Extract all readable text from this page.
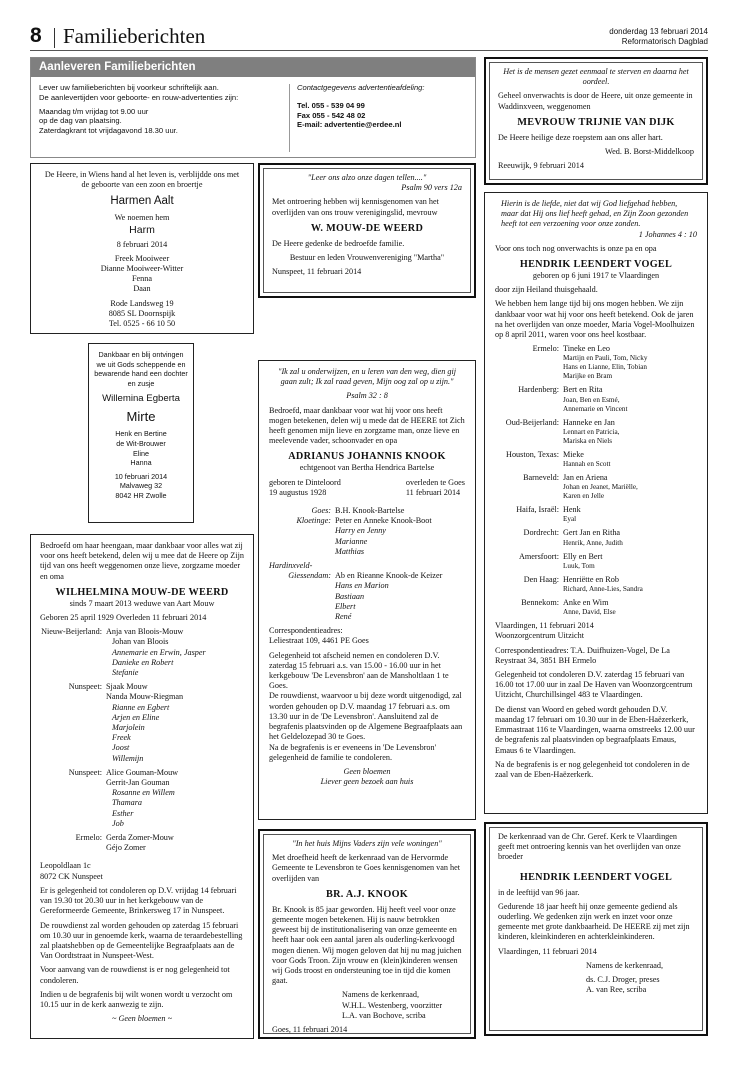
8 Familieberichten	donderdag 13 februari 2014
Reformatorisch Dagblad
Aanleveren Familieberichten
Lever uw familieberichten bij voorkeur schriftelijk aan.
De aanlevertijden voor geboorte- en rouw-advertenties zijn:
Maandag t/m vrijdag tot 9.00 uur
op de dag van plaatsing.
Zaterdagkrant tot vrijdagavond 18.30 uur.
Contactgegevens advertentieafdeling:
Tel. 055 - 539 04 99
Fax 055 - 542 48 02
E-mail: advertentie@erdee.nl
De Heere, in Wiens hand al het leven is, verblijdde ons met de geboorte van een zoon en broertje
Harmen Aalt
We noemen hem
Harm
8 februari 2014
Freek Mooiweer
Dianne Mooiweer-Witter
Fenna
Daan
Rode Landsweg 19
8085 SL Doornspijk
Tel. 0525 - 66 10 50
Dankbaar en blij ontvingen we uit Gods scheppende en bewarende hand een dochter en zusje
Willemina Egberta
Mirte
Henk en Bertine
de Wit-Brouwer
Eline
Hanna
10 februari 2014
Malvaweg 32
8042 HR Zwolle
Bedroefd om haar heengaan, maar dankbaar voor alles wat zij voor ons heeft betekend, delen wij u mee dat de Heere op Zijn tijd van ons heeft weggenomen onze lieve, zorgzame moeder en oma
WILHELMINA MOUW-DE WEERD
sinds 7 maart 2013 weduwe van Aart Mouw
Geboren 25 april 1929 Overleden 11 februari 2014
Nieuw-Beijerland: Anja van Bloois-Mouw
Johan van Bloois
Annemarie en Erwin, Jasper
Danieke en Robert
Stefanie
Nunspeet: Sjaak Mouw
Nanda Mouw-Riegman
Rianne en Egbert
Arjen en Eline
Marjolein
Freek
Joost
Willemijn
Nunspeet: Alice Gouman-Mouw
Gerrit-Jan Gouman
Rosanne en Willem
Thamara
Esther
Job
Ermelo: Gerda Zomer-Mouw
Géjo Zomer
Leopoldlaan 1c
8072 CK Nunspeet
Er is gelegenheid tot condoleren op D.V. vrijdag 14 februari van 19.30 tot 20.30 uur in het kerkgebouw van de Gereformeerde Gemeente, Brinkersweg 17 in Nunspeet.
De rouwdienst zal worden gehouden op zaterdag 15 februari om 10.30 uur in genoemde kerk, waarna de teraardebestelling zal plaatshebben op de Gemeentelijke Begraafplaats aan de Van Oordtstraat in Nunspeet-West.
Voor aanvang van de rouwdienst is er nog gelegenheid tot condoleren.
Indien u de begrafenis bij wilt wonen wordt u verzocht om 10.15 uur in de kerk aanwezig te zijn.
~ Geen bloemen ~
"Leer ons alzo onze dagen tellen...."
Psalm 90 vers 12a
Met ontroering hebben wij kennisgenomen van het overlijden van ons trouw verenigingslid, mevrouw
W. MOUW-DE WEERD
De Heere gedenke de bedroefde familie.
Bestuur en leden Vrouwenvereniging "Martha"
Nunspeet, 11 februari 2014
"Ik zal u onderwijzen, en u leren van den weg, dien gij gaan zult; Ik zal raad geven, Mijn oog zal op u zijn."
Psalm 32 : 8
Bedroefd, maar dankbaar voor wat hij voor ons heeft mogen betekenen, delen wij u mede dat de HEERE tot Zich heeft genomen mijn lieve en zorgzame man, onze lieve en meelevende vader, schoonvader en opa
ADRIANUS JOHANNIS KNOOK
echtgenoot van Bertha Hendrica Bartelse
geboren te Dinteloord
19 augustus 1928
overleden te Goes
11 februari 2014
Goes: B.H. Knook-Bartelse
Kloetinge: Peter en Anneke Knook-Boot
Harry en Jenny
Marianne
Matthias
Hardinxveld-
Giessendam: Ab en Rieanne Knook-de Keizer
Hans en Marion
Bastiaan
Elbert
René
Correspondentieadres:
Leliestraat 109, 4461 PE Goes
Gelegenheid tot afscheid nemen en condoleren D.V. zaterdag 15 februari a.s. van 15.00 - 16.00 uur in het kerkgebouw 'De Levensbron' aan de Mansholtlaan 1 te Goes.
De rouwdienst, waarvoor u bij deze wordt uitgenodigd, zal worden gehouden op D.V. maandag 17 februari a.s. om 13.30 uur in de 'De Levensbron'. Aansluitend zal de begrafenis plaatsvinden op de Algemene Begraafplaats aan het Geldelozepad 30 te Goes.
Na de begrafenis is er eveneens in 'De Levensbron' gelegenheid de familie te condoleren.
Geen bloemen
Liever geen bezoek aan huis
"In het huis Mijns Vaders zijn vele woningen"
Met droefheid heeft de kerkenraad van de Hervormde Gemeente te Levensbron te Goes kennisgenomen van het overlijden van
BR. A.J. KNOOK
Br. Knook is 85 jaar geworden. Hij heeft veel voor onze gemeente mogen betekenen. Hij is nauw betrokken geweest bij de institutionalisering van onze gemeente en heeft haar ook een aantal jaren als ouderling-kerkvoogd mogen dienen. Wij mogen geloven dat hij nu mag juichen voor Gods Troon. Zijn vrouw en (klein)kinderen wensen wij Gods troost en ondersteuning toe in tijd die komen gaat.
Namens de kerkenraad,
W.H.L. Westenberg, voorzitter
L.A. van Bochove, scriba
Goes, 11 februari 2014
Het is de mensen gezet eenmaal te sterven en daarna het oordeel.
Geheel onverwachts is door de Heere, uit onze gemeente in Waddinxveen, weggenomen
MEVROUW TRIJNIE VAN DIJK
De Heere heilige deze roepstem aan ons aller hart.
Wed. B. Borst-Middelkoop
Reeuwijk, 9 februari 2014
Hierin is de liefde, niet dat wij God liefgehad hebben, maar dat Hij ons lief heeft gehad, en Zijn Zoon gezonden heeft tot een verzoening voor onze zonden.
1 Johannes 4 : 10
Voor ons toch nog onverwachts is onze pa en opa
HENDRIK LEENDERT VOGEL
geboren op 6 juni 1917 te Vlaardingen
door zijn Heiland thuisgehaald.
We hebben hem lange tijd bij ons mogen hebben. We zijn dankbaar voor wat hij voor ons heeft betekend. Ook de jaren na het overlijden van onze moeder, Maria Vogel-Moolhuizen op 8 april 2011, waren voor ons heel kostbaar.
Ermelo: Tineke en Leo
Martijn en Pauli, Tom, Nicky
Hans en Lianne, Elin, Tobian
Marijke en Bram
Hardenberg: Bert en Rita
Joan, Ben en Esmé,
Annemarie en Vincent
Oud-Beijerland: Hanneke en Jan
Lennart en Patricia,
Mariska en Niels
Houston, Texas: Mieke
Hannah en Scott
Barneveld: Jan en Ariena
Johan en Jeanet, Mariëlle,
Karen en Jelle
Haifa, Israël: Henk
Eyal
Dordrecht: Gert Jan en Ritha
Henrik, Anne, Judith
Amersfoort: Elly en Bert
Luuk, Tom
Den Haag: Henriëtte en Rob
Richard, Anne-Lies, Sandra
Bennekom: Anke en Wim
Anne, David, Else
Vlaardingen, 11 februari 2014
Woonzorgcentrum Uitzicht
Correspondentieadres: T.A. Duifhuizen-Vogel, De La Reystraat 34, 3851 BH Ermelo
Gelegenheid tot condoleren D.V. zaterdag 15 februari van 16.00 tot 17.00 uur in zaal De Haven van Woonzorgcentrum Uitzicht, Churchillsingel 483 te Vlaardingen.
De dienst van Woord en gebed wordt gehouden D.V. maandag 17 februari om 10.30 uur in de Eben-Haëzerkerk, Emmastraat 116 te Vlaardingen, waarna omstreeks 12.00 uur de begrafenis zal plaatsvinden op begraafplaats Emaus, Emaus 6 te Vlaardingen.
Na de begrafenis is er nog gelegenheid tot condoleren in de zaal van de Eben-Haëzerkerk.
De kerkenraad van de Chr. Geref. Kerk te Vlaardingen geeft met ontroering kennis van het overlijden van onze broeder
HENDRIK LEENDERT VOGEL
in de leeftijd van 96 jaar.
Gedurende 18 jaar heeft hij onze gemeente gediend als ouderling. We gedenken zijn werk en inzet voor onze gemeente met grote dankbaarheid. De HEERE zij met zijn kinderen, kleinkinderen en achterkleinkinderen.
Vlaardingen, 11 februari 2014
Namens de kerkenraad,
ds. C.J. Droger, preses
A. van Ree, scriba
